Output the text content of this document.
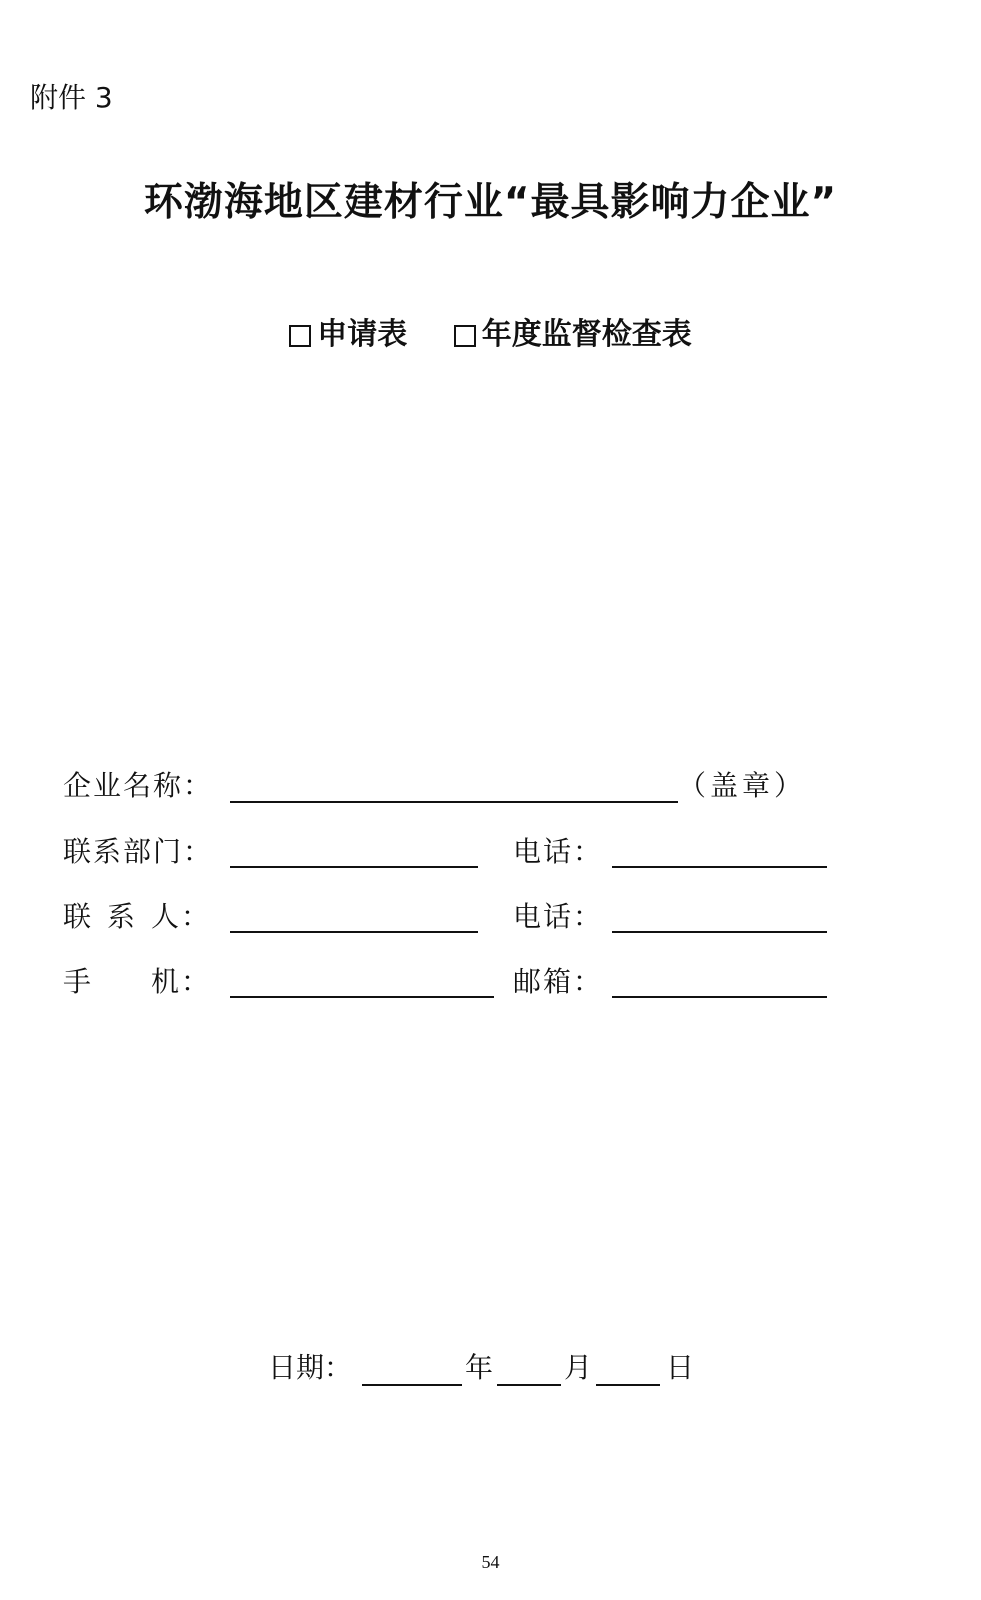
附件 3
环渤海地区建材行业“最具影响力企业”
申请表
年度监督检查表
企业名称：	（盖章）
联系部门：	电话：
联 系 人：	电话：
手 机：	邮箱：
日期：	年	月	日
54
